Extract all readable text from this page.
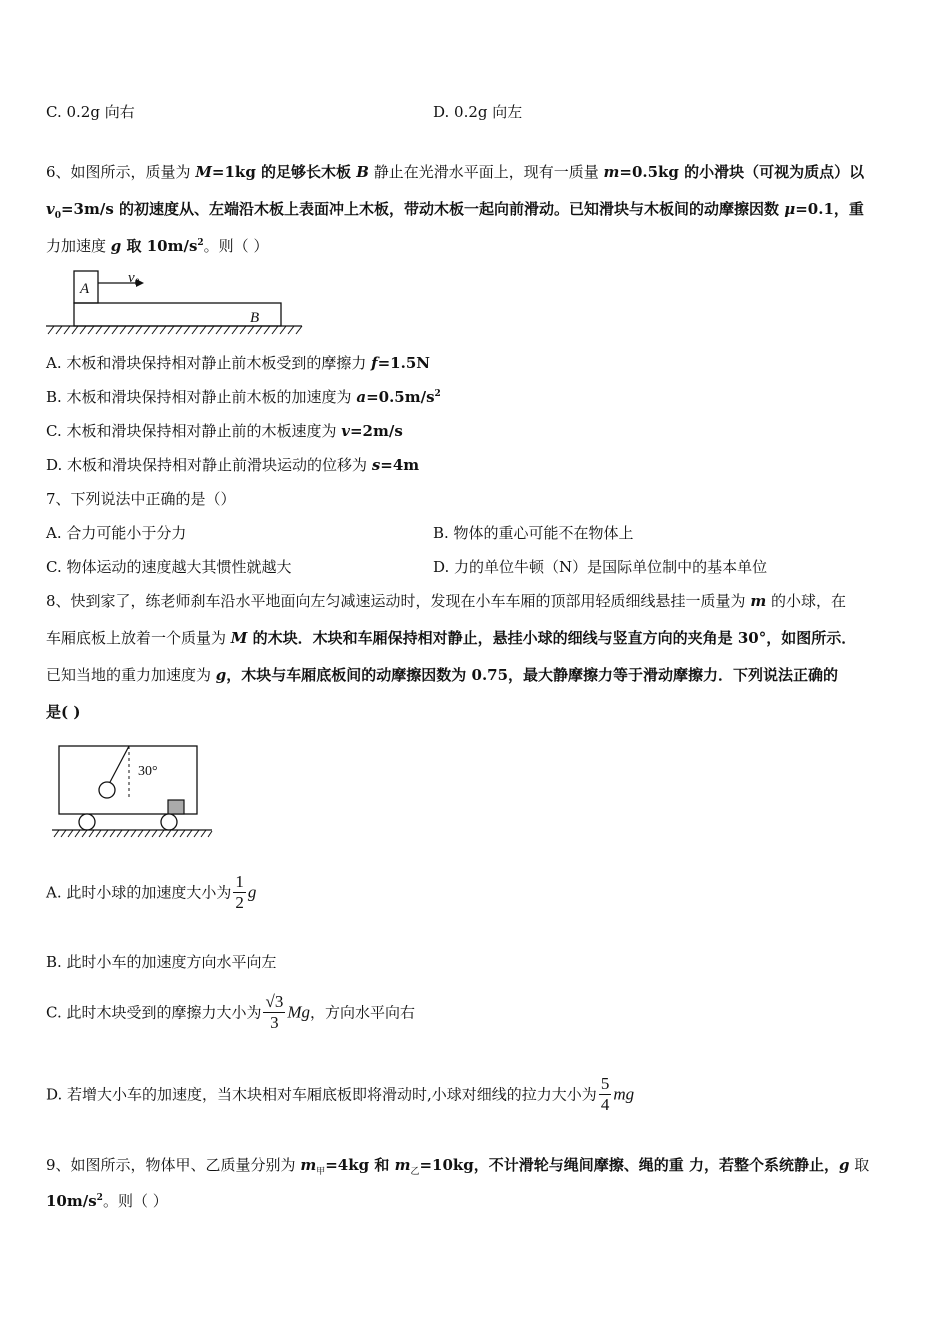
C. 0.2g 向右	D. 0.2g 向左
6、如图所示，质量为 M=1kg 的足够长木板 B 静止在光滑水平面上，现有一质量 m=0.5kg 的小滑块（可视为质点）以
$v_0=3m/s$ 的初速度从、左端沿木板上表面冲上木板，带动木板一起向前滑动。已知滑块与木板间的动摩擦因数 μ=0.1，重
力加速度 g 取 $10m/s^2$。则（ ）
A
$v_0$
B
A. 木板和滑块保持相对静止前木板受到的摩擦力 f=1.5N
B. 木板和滑块保持相对静止前木板的加速度为 $a=0.5m/s^2$
C. 木板和滑块保持相对静止前的木板速度为 v=2m/s
D. 木板和滑块保持相对静止前滑块运动的位移为 s=4m
7、下列说法中正确的是（）
A. 合力可能小于分力	B. 物体的重心可能不在物体上
C. 物体运动的速度越大其惯性就越大	D. 力的单位牛顿（N）是国际单位制中的基本单位
8、快到家了，练老师刹车沿水平地面向左匀减速运动时，发现在小车车厢的顶部用轻质细线悬挂一质量为 m 的小球，在
车厢底板上放着一个质量为 M 的木块．木块和车厢保持相对静止，悬挂小球的细线与竖直方向的夹角是 30°，如图所示．
已知当地的重力加速度为 g，木块与车厢底板间的动摩擦因数为 0.75，最大静摩擦力等于滑动摩擦力．下列说法正确的
是( )
30°
A. 此时小球的加速度大小为 $\frac{1}{2}$ g
B. 此时小车的加速度方向水平向左
C. 此时木块受到的摩擦力大小为 $\frac{√3}{3}$ Mg，方向水平向右
D. 若增大小车的加速度，当木块相对车厢底板即将滑动时,小球对细线的拉力大小为 $\frac{5}{4}$ mg
9、如图所示，物体甲、乙质量分别为 $m_甲=4kg$ 和 $m_乙=10kg$，不计滑轮与绳间摩擦、绳的重 力，若整个系统静止，g 取
$10m/s^2$。则（ ）
